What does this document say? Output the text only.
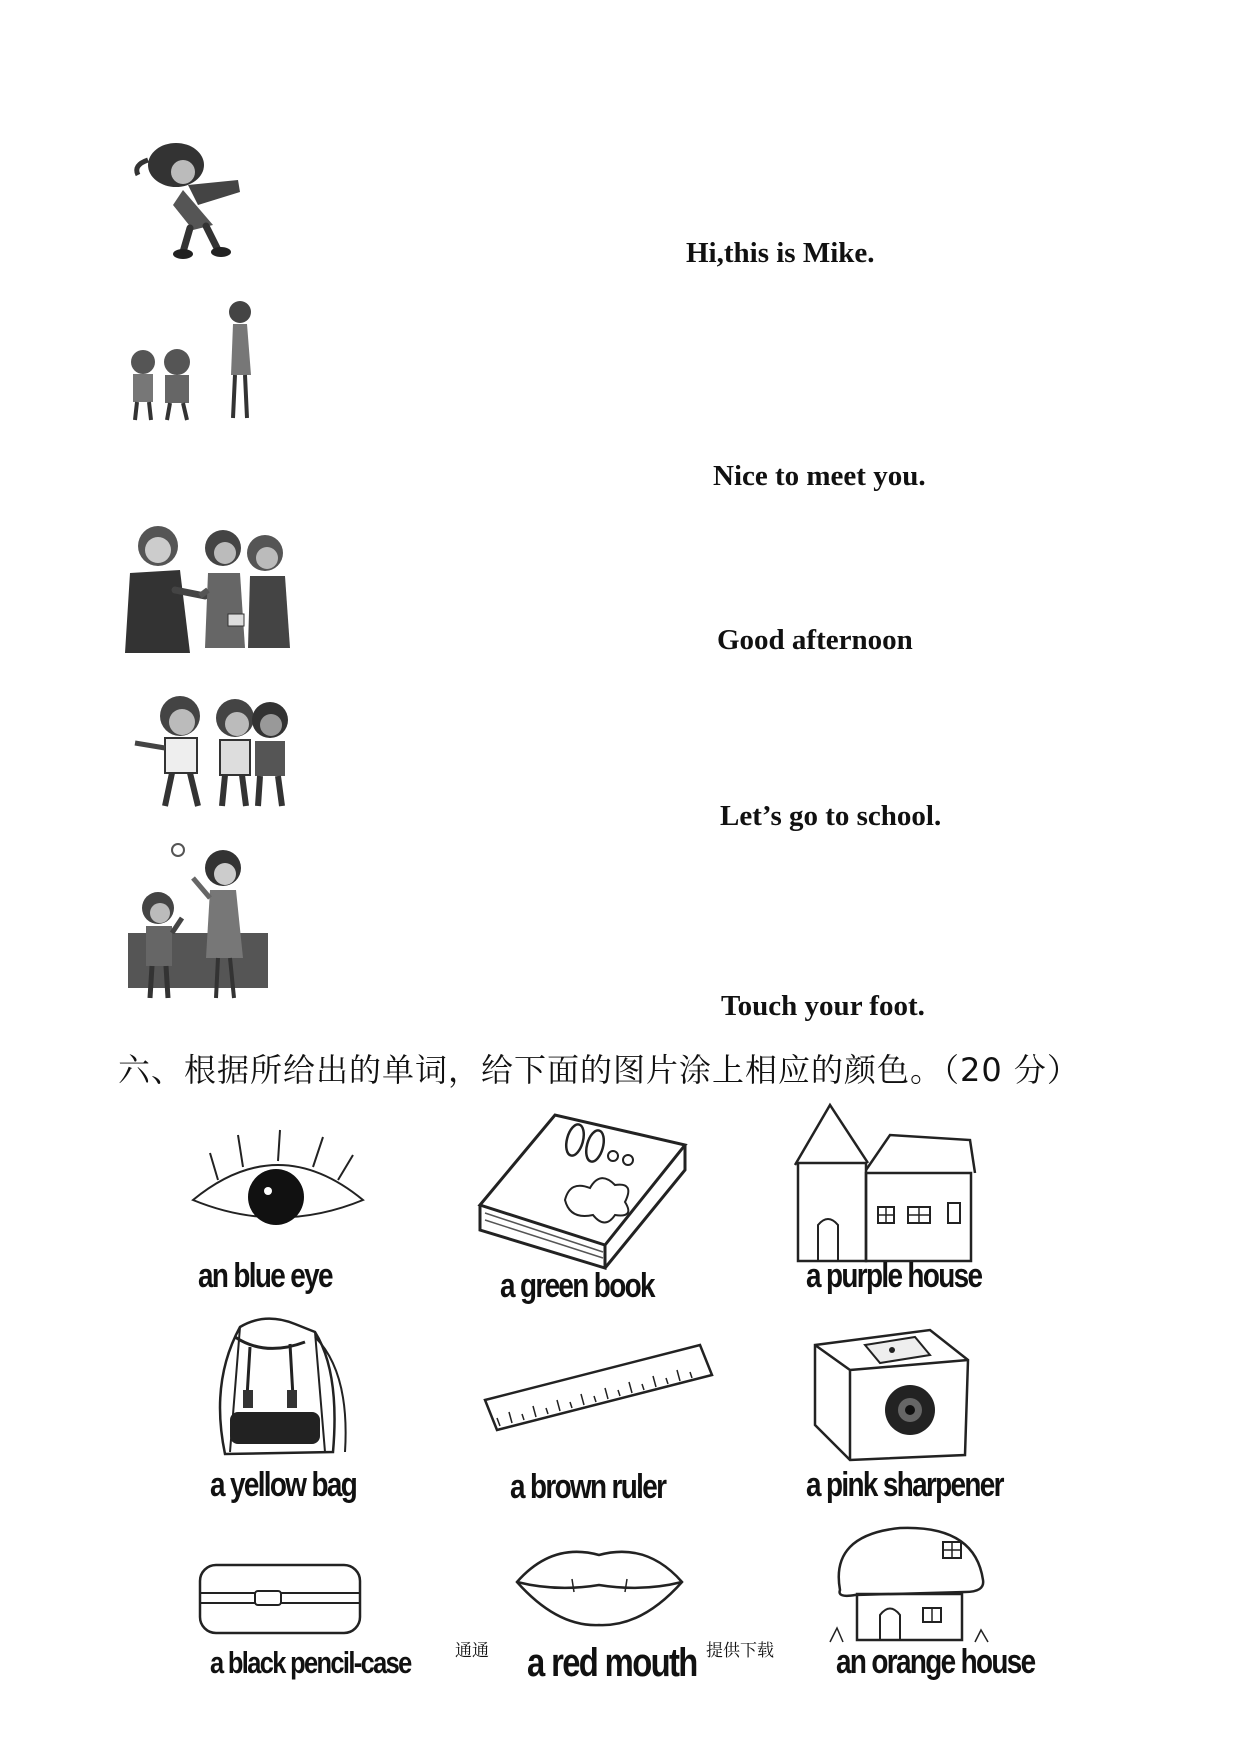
Hi,this is Mike.
Nice to meet you.
Good afternoon
Let’s go to school.
Touch your foot.
六、根据所给出的单词，给下面的图片涂上相应的颜色。（20 分）
an blue eye	a green book	a purple house
a yellow bag	a brown ruler	a pink sharpener
a black pencil-case	a red mouth	an orange house
通通	提供下载
